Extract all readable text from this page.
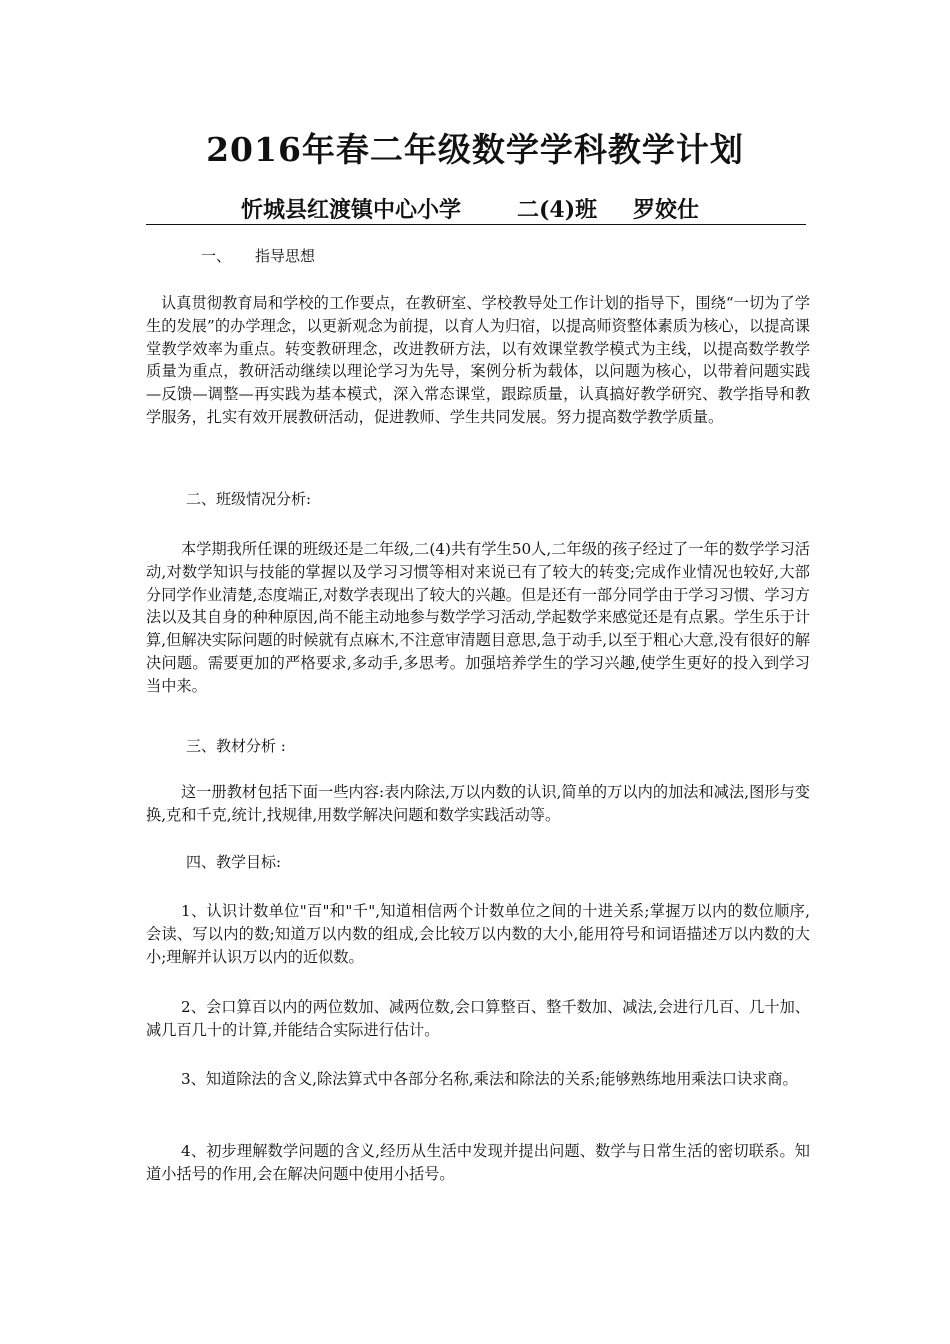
2016年春二年级数学学科教学计划
忻城县红渡镇中心小学	二(4)班 罗姣仕
一、 指导思想
认真贯彻教育局和学校的工作要点，在教研室、学校教导处工作计划的指导下，围绕“一切为了学生的发展”的办学理念，以更新观念为前提，以育人为归宿，以提高师资整体素质为核心，以提高课堂教学效率为重点。转变教研理念，改进教研方法，以有效课堂教学模式为主线，以提高数学教学质量为重点，教研活动继续以理论学习为先导，案例分析为载体，以问题为核心，以带着问题实践—反馈—调整—再实践为基本模式，深入常态课堂，跟踪质量，认真搞好教学研究、教学指导和教学服务，扎实有效开展教研活动，促进教师、学生共同发展。努力提高数学教学质量。
二、班级情况分析:
本学期我所任课的班级还是二年级,二(4)共有学生50人,二年级的孩子经过了一年的数学学习活动,对数学知识与技能的掌握以及学习习惯等相对来说已有了较大的转变;完成作业情况也较好,大部分同学作业清楚,态度端正,对数学表现出了较大的兴趣。但是还有一部分同学由于学习习惯、学习方法以及其自身的种种原因,尚不能主动地参与数学学习活动,学起数学来感觉还是有点累。学生乐于计算,但解决实际问题的时候就有点麻木,不注意审清题目意思,急于动手,以至于粗心大意,没有很好的解决问题。需要更加的严格要求,多动手,多思考。加强培养学生的学习兴趣,使学生更好的投入到学习当中来。
三、教材分析 :
这一册教材包括下面一些内容:表内除法,万以内数的认识,简单的万以内的加法和减法,图形与变换,克和千克,统计,找规律,用数学解决问题和数学实践活动等。
四、教学目标:
1、认识计数单位"百"和"千",知道相信两个计数单位之间的十进关系;掌握万以内的数位顺序,会读、写以内的数;知道万以内数的组成,会比较万以内数的大小,能用符号和词语描述万以内数的大小;理解并认识万以内的近似数。
2、会口算百以内的两位数加、减两位数,会口算整百、整千数加、减法,会进行几百、几十加、减几百几十的计算,并能结合实际进行估计。
3、知道除法的含义,除法算式中各部分名称,乘法和除法的关系;能够熟练地用乘法口诀求商。
4、初步理解数学问题的含义,经历从生活中发现并提出问题、数学与日常生活的密切联系。知道小括号的作用,会在解决问题中使用小括号。
